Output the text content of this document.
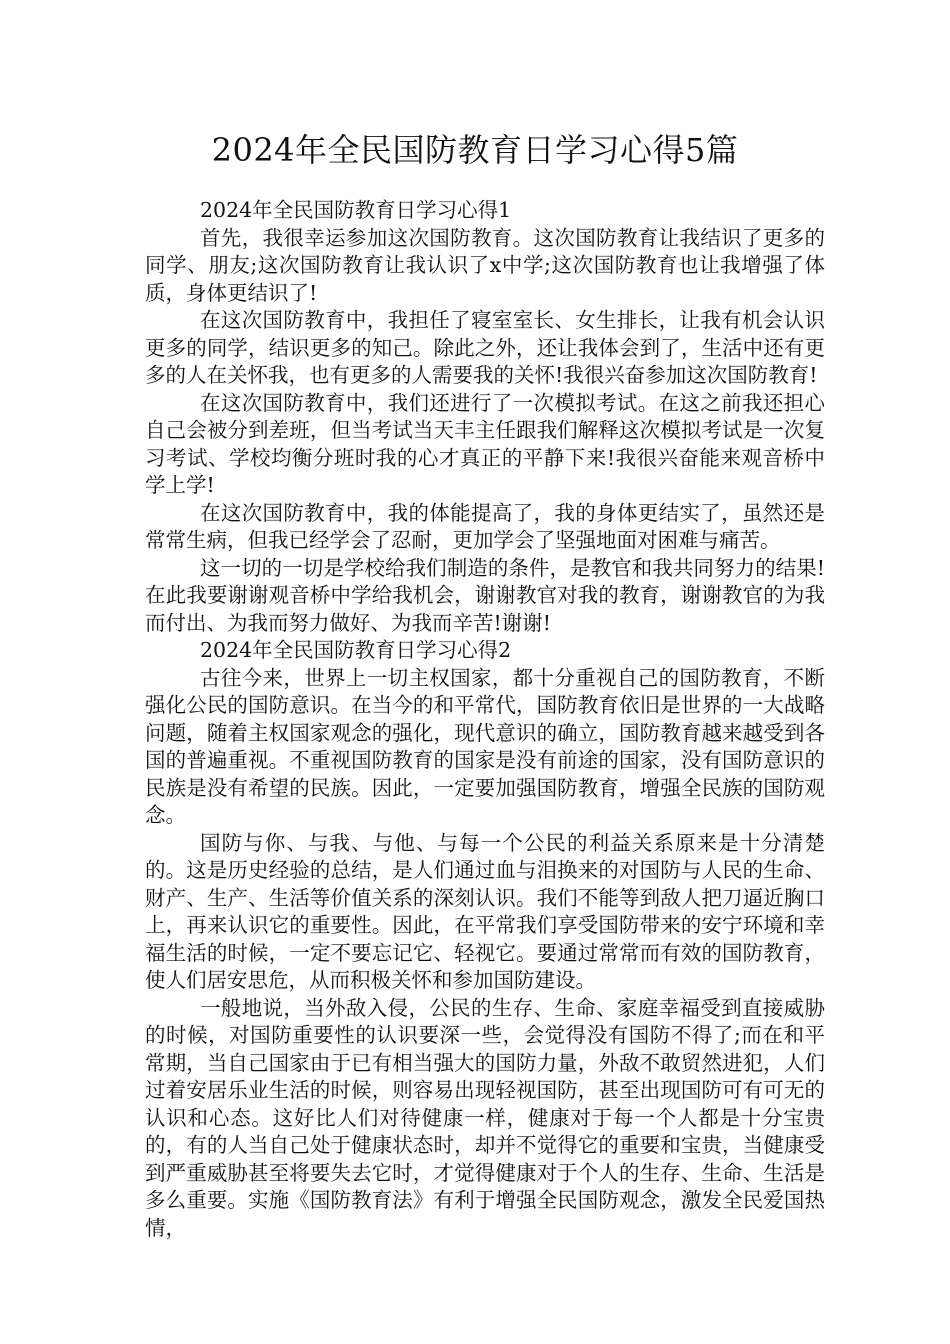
2024年全民国防教育日学习心得5篇
2024年全民国防教育日学习心得1

首先，我很幸运参加这次国防教育。这次国防教育让我结识了更多的同学、朋友;这次国防教育让我认识了x中学;这次国防教育也让我增强了体质，身体更结识了!

在这次国防教育中，我担任了寝室室长、女生排长，让我有机会认识更多的同学，结识更多的知己。除此之外，还让我体会到了，生活中还有更多的人在关怀我，也有更多的人需要我的关怀!我很兴奋参加这次国防教育!

在这次国防教育中，我们还进行了一次模拟考试。在这之前我还担心自己会被分到差班，但当考试当天丰主任跟我们解释这次模拟考试是一次复习考试、学校均衡分班时我的心才真正的平静下来!我很兴奋能来观音桥中学上学!

在这次国防教育中，我的体能提高了，我的身体更结实了，虽然还是常常生病，但我已经学会了忍耐，更加学会了坚强地面对困难与痛苦。

这一切的一切是学校给我们制造的条件，是教官和我共同努力的结果!在此我要谢谢观音桥中学给我机会，谢谢教官对我的教育，谢谢教官的为我而付出、为我而努力做好、为我而辛苦!谢谢!

2024年全民国防教育日学习心得2

古往今来，世界上一切主权国家，都十分重视自己的国防教育，不断强化公民的国防意识。在当今的和平常代，国防教育依旧是世界的一大战略问题，随着主权国家观念的强化，现代意识的确立，国防教育越来越受到各国的普遍重视。不重视国防教育的国家是没有前途的国家，没有国防意识的民族是没有希望的民族。因此，一定要加强国防教育，增强全民族的国防观念。

国防与你、与我、与他、与每一个公民的利益关系原来是十分清楚的。这是历史经验的总结，是人们通过血与泪换来的对国防与人民的生命、财产、生产、生活等价值关系的深刻认识。我们不能等到敌人把刀逼近胸口上，再来认识它的重要性。因此，在平常我们享受国防带来的安宁环境和幸福生活的时候，一定不要忘记它、轻视它。要通过常常而有效的国防教育，使人们居安思危，从而积极关怀和参加国防建设。

一般地说，当外敌入侵，公民的生存、生命、家庭幸福受到直接威胁的时候，对国防重要性的认识要深一些，会觉得没有国防不得了;而在和平常期，当自己国家由于已有相当强大的国防力量，外敌不敢贸然进犯，人们过着安居乐业生活的时候，则容易出现轻视国防，甚至出现国防可有可无的认识和心态。这好比人们对待健康一样，健康对于每一个人都是十分宝贵的，有的人当自己处于健康状态时，却并不觉得它的重要和宝贵，当健康受到严重威胁甚至将要失去它时，才觉得健康对于个人的生存、生命、生活是多么重要。实施《国防教育法》有利于增强全民国防观念，激发全民爱国热情，
